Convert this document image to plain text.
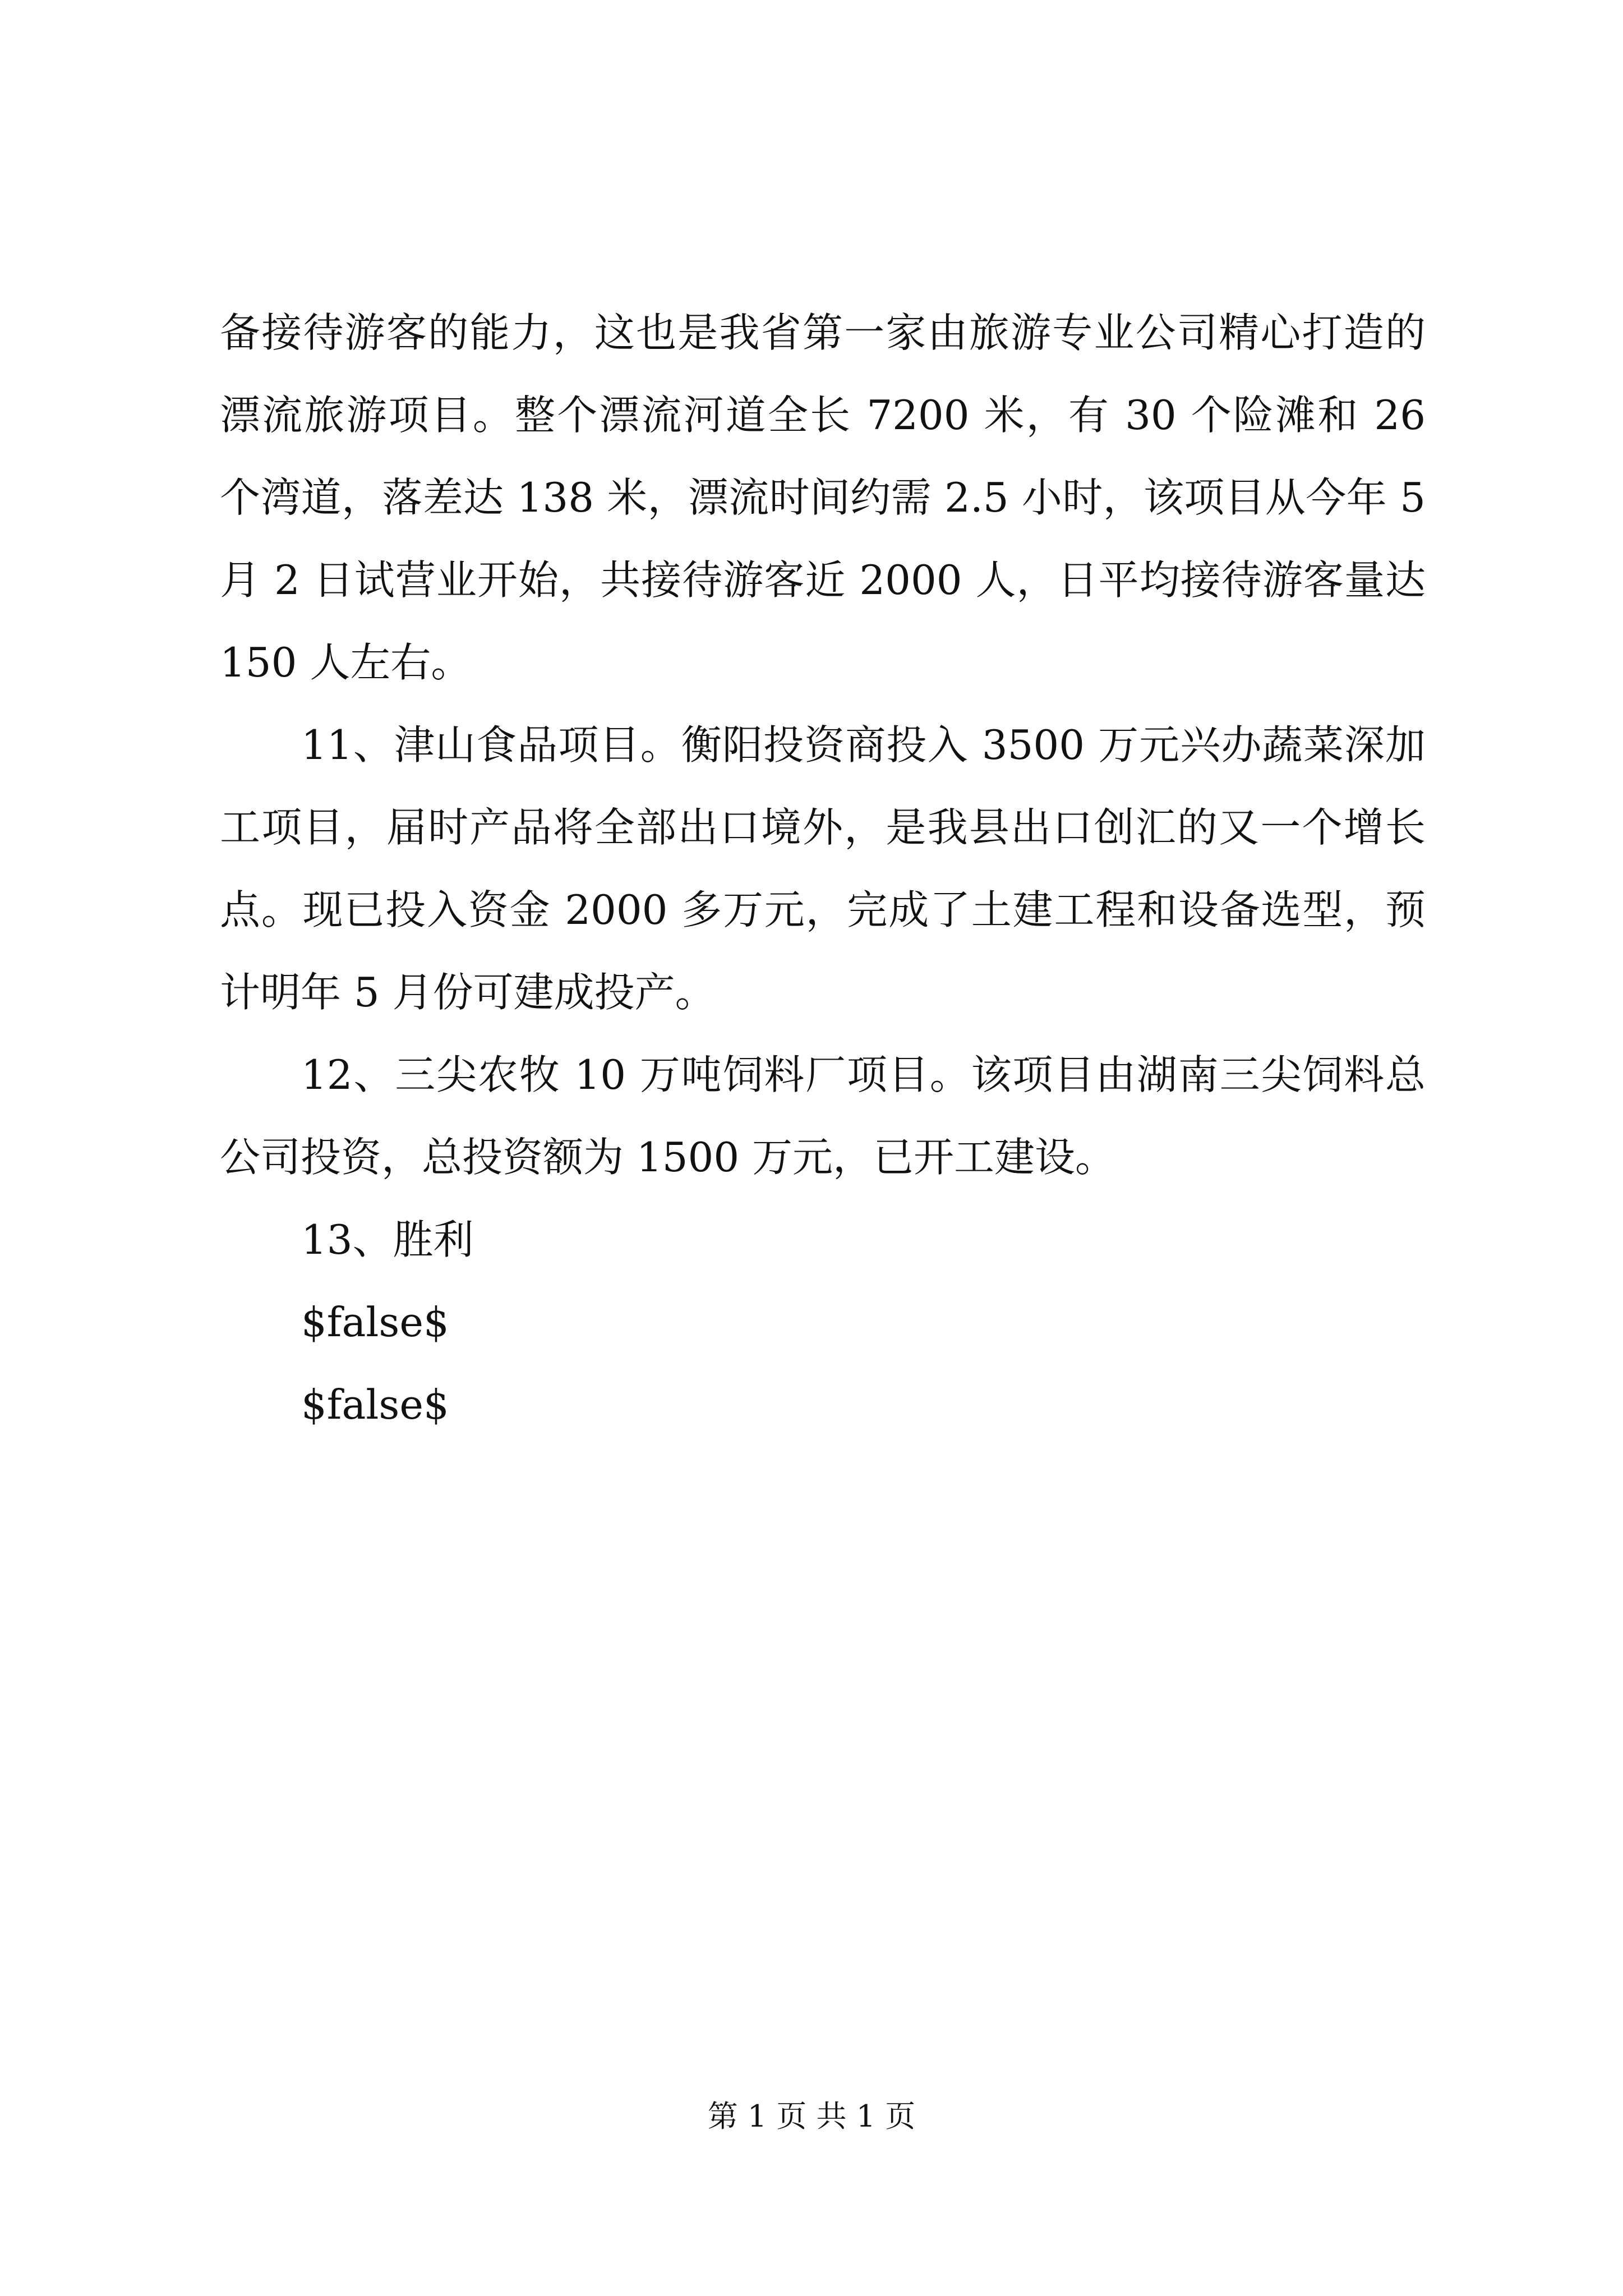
备接待游客的能力，这也是我省第一家由旅游专业公司精心打造的漂流旅游项目。整个漂流河道全长 7200 米，有 30 个险滩和 26 个湾道，落差达 138 米，漂流时间约需 2.5 小时，该项目从今年 5 月 2 日试营业开始，共接待游客近 2000 人，日平均接待游客量达 150 人左右。

11、津山食品项目。衡阳投资商投入 3500 万元兴办蔬菜深加工项目，届时产品将全部出口境外，是我县出口创汇的又一个增长点。现已投入资金 2000 多万元，完成了土建工程和设备选型，预计明年 5 月份可建成投产。

12、三尖农牧 10 万吨饲料厂项目。该项目由湖南三尖饲料总公司投资，总投资额为 1500 万元，已开工建设。

13、胜利

$false$

$false$

第 1 页 共 1 页
